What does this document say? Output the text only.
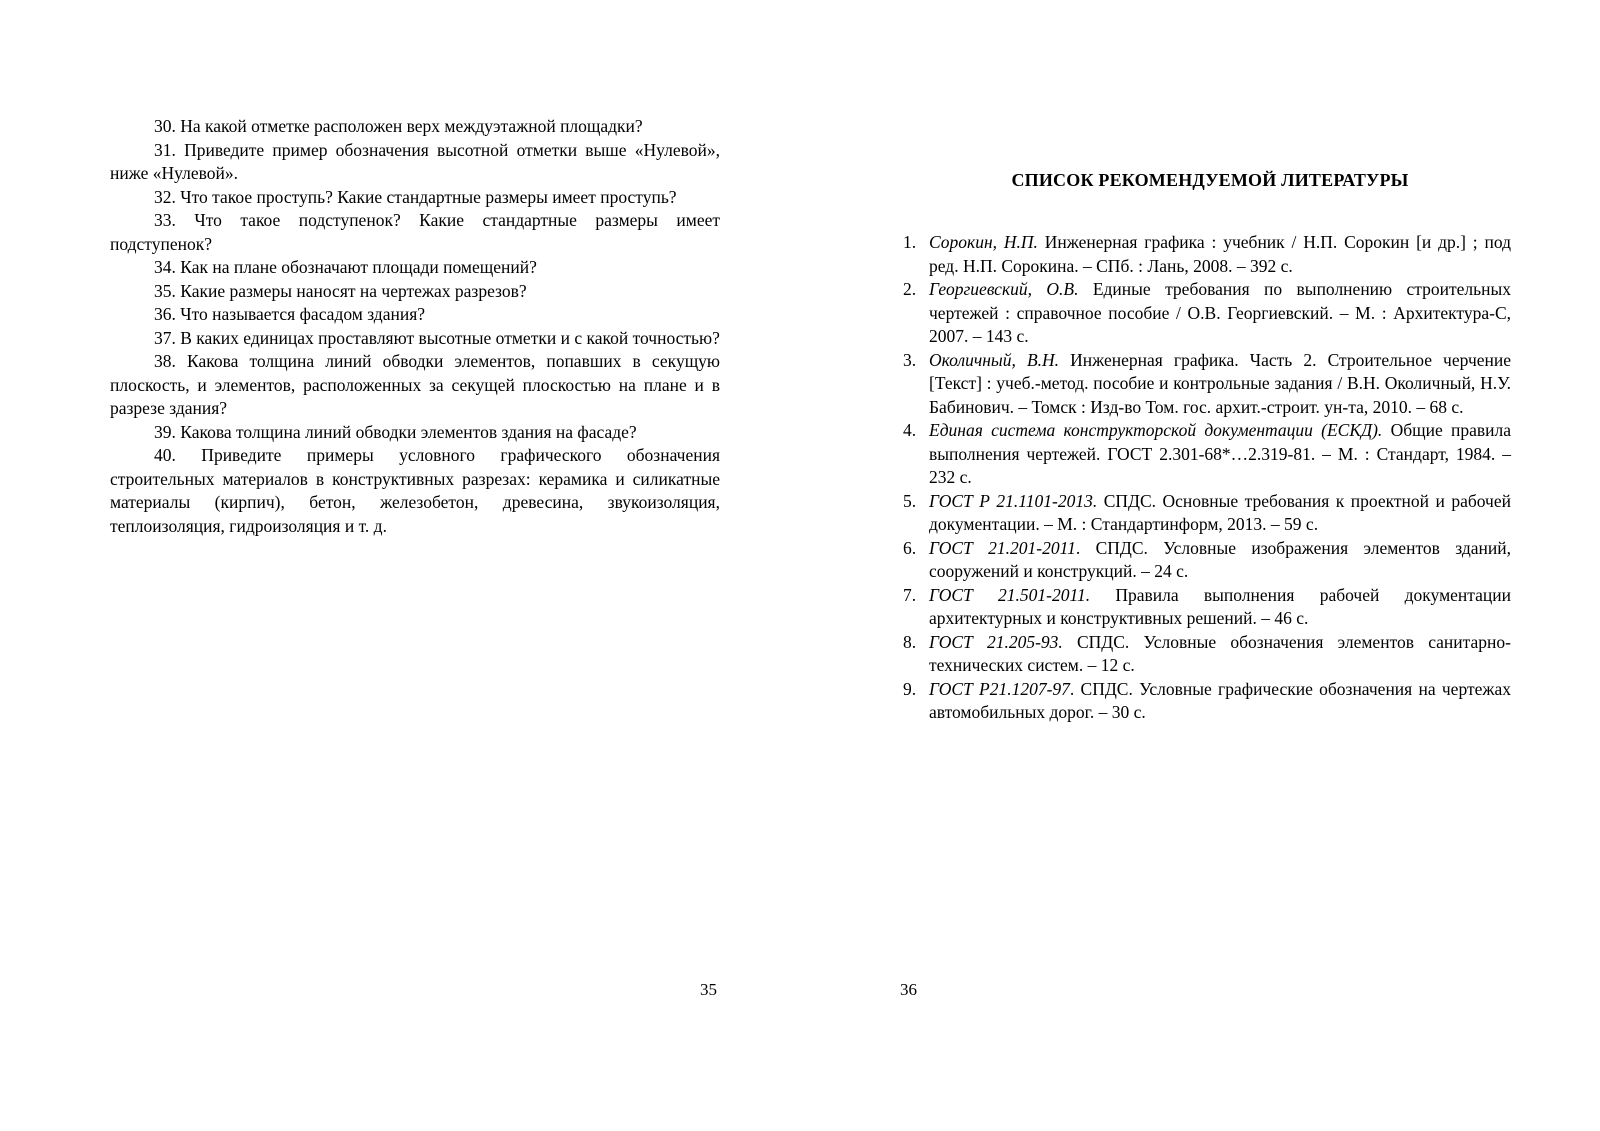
30. На какой отметке расположен верх междуэтажной площадки?

31. Приведите пример обозначения высотной отметки выше «Нулевой», ниже «Нулевой».

32. Что такое проступь? Какие стандартные размеры имеет проступь?

33. Что такое подступенок? Какие стандартные размеры имеет подступенок?

34. Как на плане обозначают площади помещений?

35. Какие размеры наносят на чертежах разрезов?

36. Что называется фасадом здания?

37. В каких единицах проставляют высотные отметки и с какой точностью?

38. Какова толщина линий обводки элементов, попавших в секущую плоскость, и элементов, расположенных за секущей плоскостью на плане и в разрезе здания?

39. Какова толщина линий обводки элементов здания на фасаде?

40. Приведите примеры условного графического обозначения строительных материалов в конструктивных разрезах: керамика и силикатные материалы (кирпич), бетон, железобетон, древесина, звукоизоляция, теплоизоляция, гидроизоляция и т. д.

35
СПИСОК РЕКОМЕНДУЕМОЙ ЛИТЕРАТУРЫ
1. Сорокин, Н.П. Инженерная графика : учебник / Н.П. Сорокин [и др.] ; под ред. Н.П. Сорокина. – СПб. : Лань, 2008. – 392 с.
2. Георгиевский, О.В. Единые требования по выполнению строительных чертежей : справочное пособие / О.В. Георгиевский. – М. : Архитектура-С, 2007. – 143 с.
3. Околичный, В.Н. Инженерная графика. Часть 2. Строительное черчение [Текст] : учеб.-метод. пособие и контрольные задания / В.Н. Околичный, Н.У. Бабинович. – Томск : Изд-во Том. гос. архит.-строит. ун-та, 2010. – 68 с.
4. Единая система конструкторской документации (ЕСКД). Общие правила выполнения чертежей. ГОСТ 2.301-68*…2.319-81. – М. : Стандарт, 1984. – 232 с.
5. ГОСТ Р 21.1101-2013. СПДС. Основные требования к проектной и рабочей документации. – М. : Стандартинформ, 2013. – 59 с.
6. ГОСТ 21.201-2011. СПДС. Условные изображения элементов зданий, сооружений и конструкций. – 24 с.
7. ГОСТ 21.501-2011. Правила выполнения рабочей документации архитектурных и конструктивных решений. – 46 с.
8. ГОСТ 21.205-93. СПДС. Условные обозначения элементов санитарно-технических систем. – 12 с.
9. ГОСТ Р21.1207-97. СПДС. Условные графические обозначения на чертежах автомобильных дорог. – 30 с.
36
